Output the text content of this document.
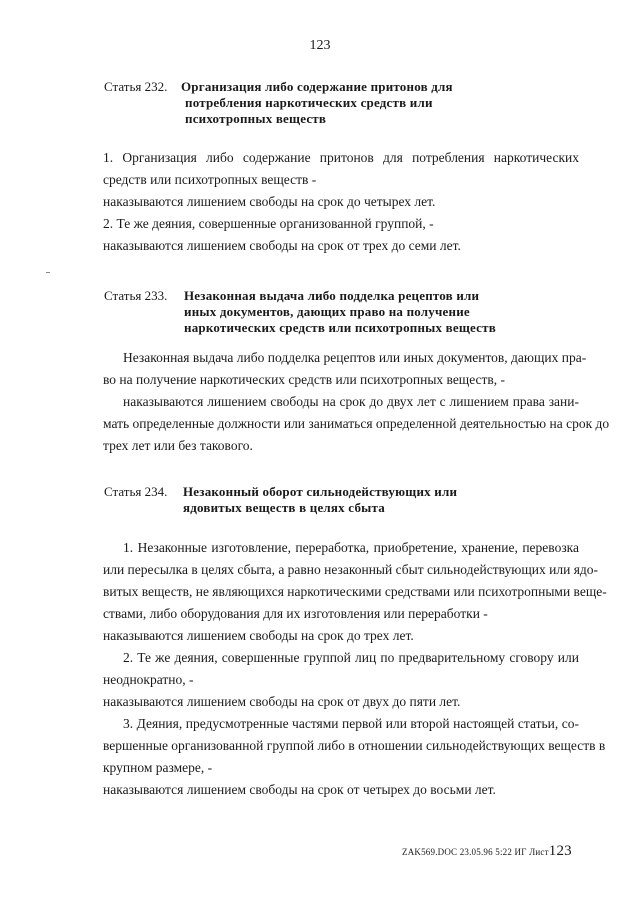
123
Статья 232. Организация либо содержание притонов для
потребления наркотических средств или
психотропных веществ
1. Организация либо содержание притонов для потребления наркотических
средств или психотропных веществ -
наказываются лишением свободы на срок до четырех лет.
2. Те же деяния, совершенные организованной группой, -
наказываются лишением свободы на срок от трех до семи лет.
Статья 233. Незаконная выдача либо подделка рецептов или
иных документов, дающих право на получение
наркотических средств или психотропных веществ
Незаконная выдача либо подделка рецептов или иных документов, дающих пра-
во на получение наркотических средств или психотропных веществ, -
наказываются лишением свободы на срок до двух лет с лишением права зани-
мать определенные должности или заниматься определенной деятельностью на срок до
трех лет или без такового.
Статья 234. Незаконный оборот сильнодействующих или
ядовитых веществ в целях сбыта
1. Незаконные изготовление, переработка, приобретение, хранение, перевозка
или пересылка в целях сбыта, а равно незаконный сбыт сильнодействующих или ядо-
витых веществ, не являющихся наркотическими средствами или психотропными веще-
ствами, либо оборудования для их изготовления или переработки -
наказываются лишением свободы на срок до трех лет.
2. Те же деяния, совершенные группой лиц по предварительному сговору или
неоднократно, -
наказываются лишением свободы на срок от двух до пяти лет.
3. Деяния, предусмотренные частями первой или второй настоящей статьи, со-
вершенные организованной группой либо в отношении сильнодействующих веществ в
крупном размере, -
наказываются лишением свободы на срок от четырех до восьми лет.
ZAK569.DOC 23.05.96 5:22 ИГ Лист123
